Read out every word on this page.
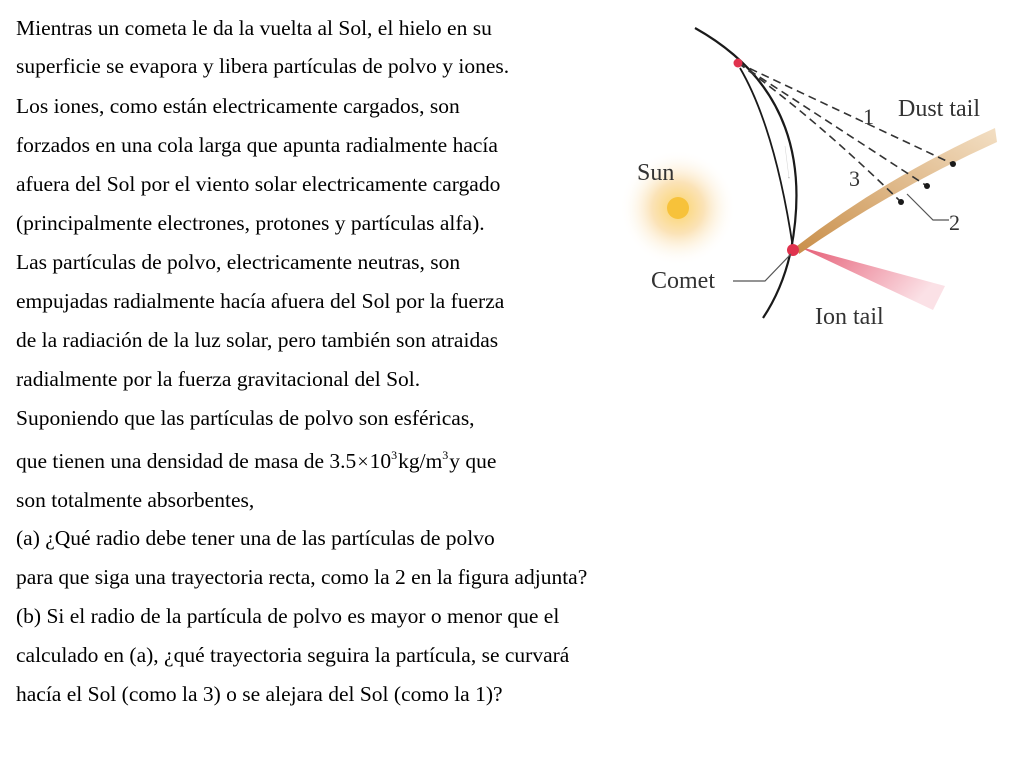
Mientras un cometa le da la vuelta al Sol, el hielo en su
superficie se evapora y libera partículas de polvo y iones.
Los iones, como están electricamente cargados, son
forzados en una cola larga que apunta radialmente hacía
afuera del Sol por el viento solar electricamente cargado
(principalmente electrones, protones y partículas alfa).
Las partículas de polvo, electricamente neutras, son
empujadas radialmente hacía afuera del Sol por la fuerza
de la radiación de la luz solar, pero también son atraidas
radialmente por la fuerza gravitacional del Sol.
Suponiendo que las partículas de polvo son esféricas,
que tienen una densidad de masa de $3.5\times 10^3kg/m^3y$ que
son totalmente absorbentes,
(a) ¿Qué radio debe tener una de las partículas de polvo
para que siga una trayectoria recta, como la 2 en la figura adjunta?
(b) Si el radio de la partícula de polvo es mayor o menor que el
calculado en (a), ¿qué trayectoria seguira la partícula, se curvará
hacía el Sol (como la 3) o se alejara del Sol (como la 1)?
Dust tail
Sun
Comet
Ion tail
1
2
3
